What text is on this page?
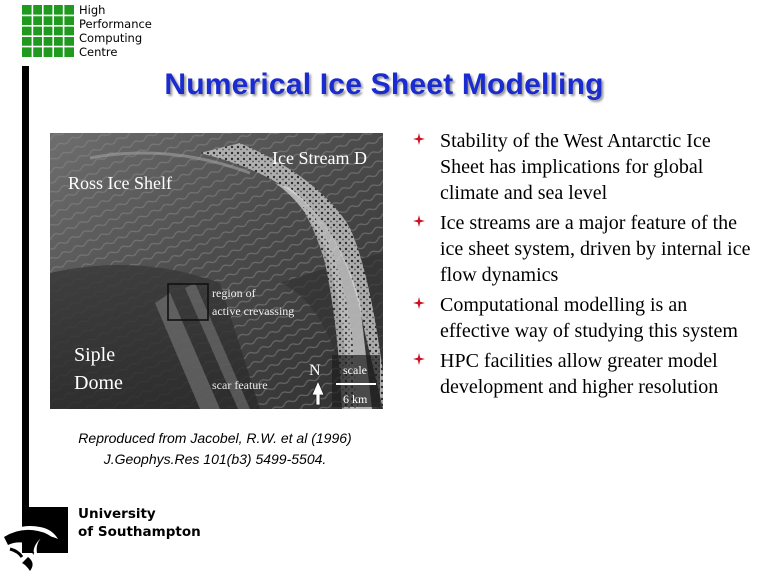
High
Performance
Computing
Centre
Numerical Ice Sheet Modelling
Ice Stream D
Ross Ice Shelf
region of
active crevassing
Siple
Dome	scar feature
N scale
6 km
Reproduced from Jacobel, R.W. et al (1996)
J.Geophys.Res 101(b3) 5499-5504.
Stability of the West Antarctic Ice Sheet has implications for global climate and sea level
Ice streams are a major feature of the ice sheet system, driven by internal ice flow dynamics
Computational modelling is an effective way of studying this system
HPC facilities allow greater model development and higher resolution
University
of Southampton
